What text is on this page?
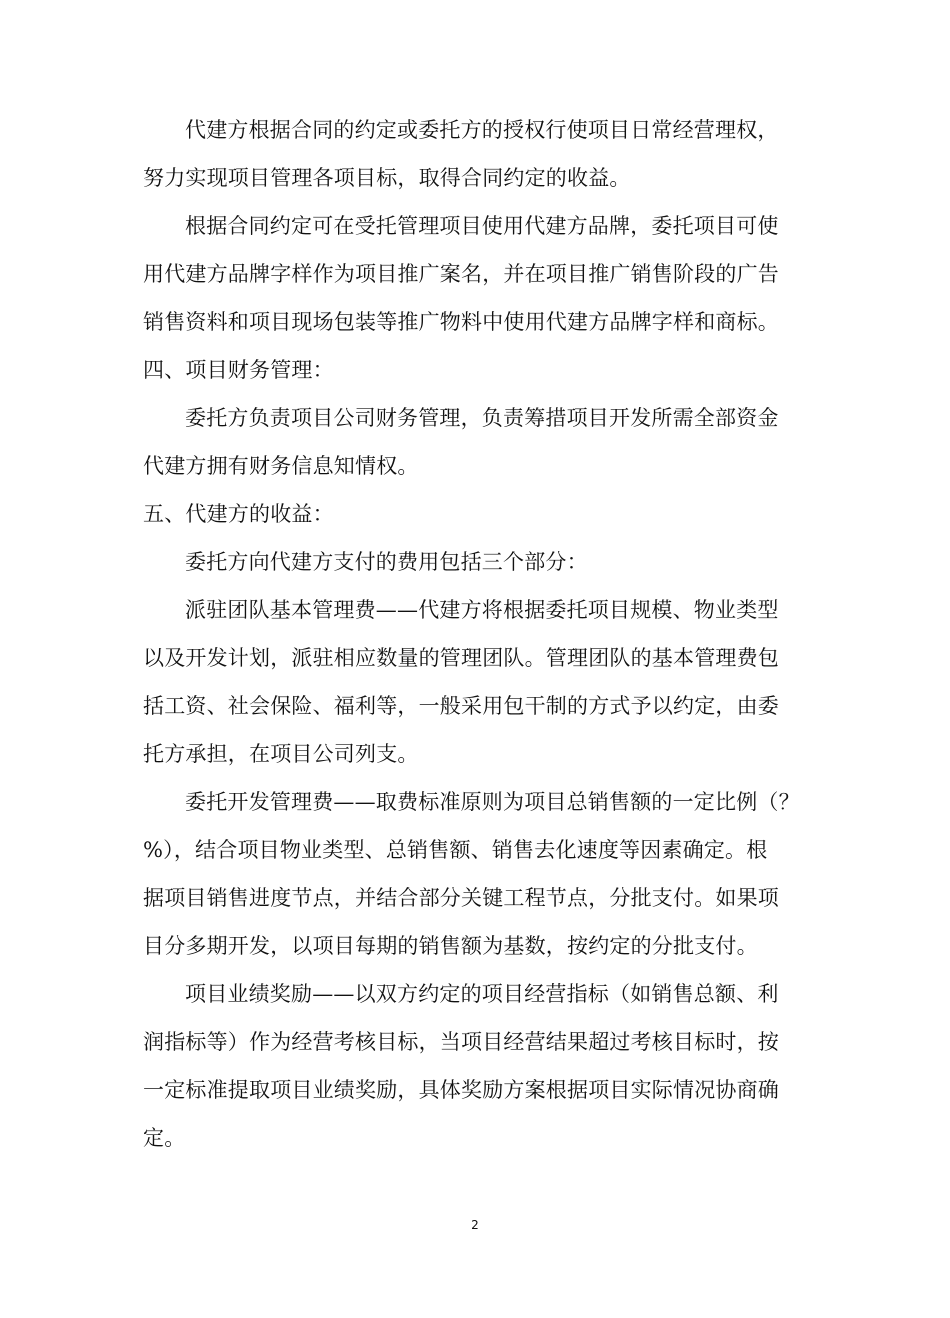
代建方根据合同的约定或委托方的授权行使项目日常经营理权，
努力实现项目管理各项目标，取得合同约定的收益。
根据合同约定可在受托管理项目使用代建方品牌，委托项目可使
用代建方品牌字样作为项目推广案名，并在项目推广销售阶段的广告
销售资料和项目现场包装等推广物料中使用代建方品牌字样和商标。
四、项目财务管理：
委托方负责项目公司财务管理，负责筹措项目开发所需全部资金
代建方拥有财务信息知情权。
五、代建方的收益：
委托方向代建方支付的费用包括三个部分：
派驻团队基本管理费——代建方将根据委托项目规模、物业类型
以及开发计划，派驻相应数量的管理团队。管理团队的基本管理费包
括工资、社会保险、福利等，一般采用包干制的方式予以约定，由委
托方承担，在项目公司列支。
委托开发管理费——取费标准原则为项目总销售额的一定比例（？
%），结合项目物业类型、总销售额、销售去化速度等因素确定。根
据项目销售进度节点，并结合部分关键工程节点，分批支付。如果项
目分多期开发，以项目每期的销售额为基数，按约定的分批支付。
项目业绩奖励——以双方约定的项目经营指标（如销售总额、利
润指标等）作为经营考核目标，当项目经营结果超过考核目标时，按
一定标准提取项目业绩奖励，具体奖励方案根据项目实际情况协商确
定。
2
